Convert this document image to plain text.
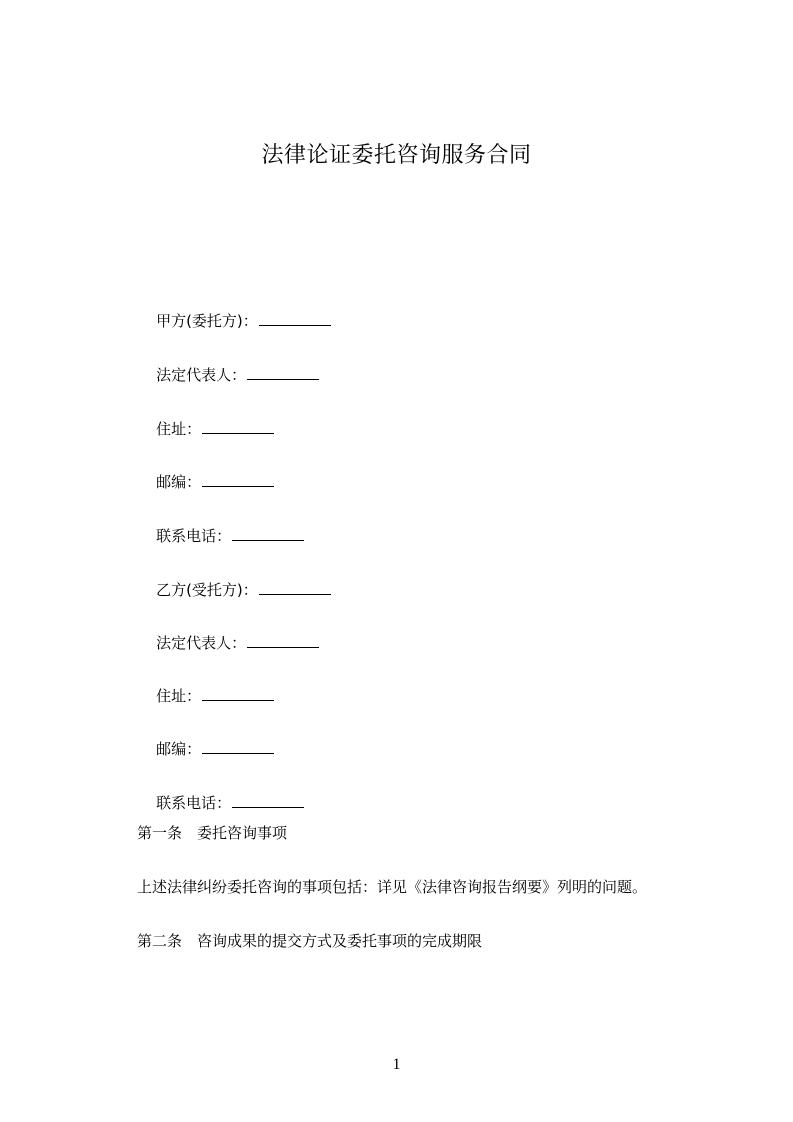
法律论证委托咨询服务合同

甲方(委托方)：

法定代表人：

住址：

邮编：

联系电话：

乙方(受托方)：

法定代表人：

住址：

邮编：

联系电话：

第一条　委托咨询事项
上述法律纠纷委托咨询的事项包括：详见《法律咨询报告纲要》列明的问题。
第二条　咨询成果的提交方式及委托事项的完成期限
1
